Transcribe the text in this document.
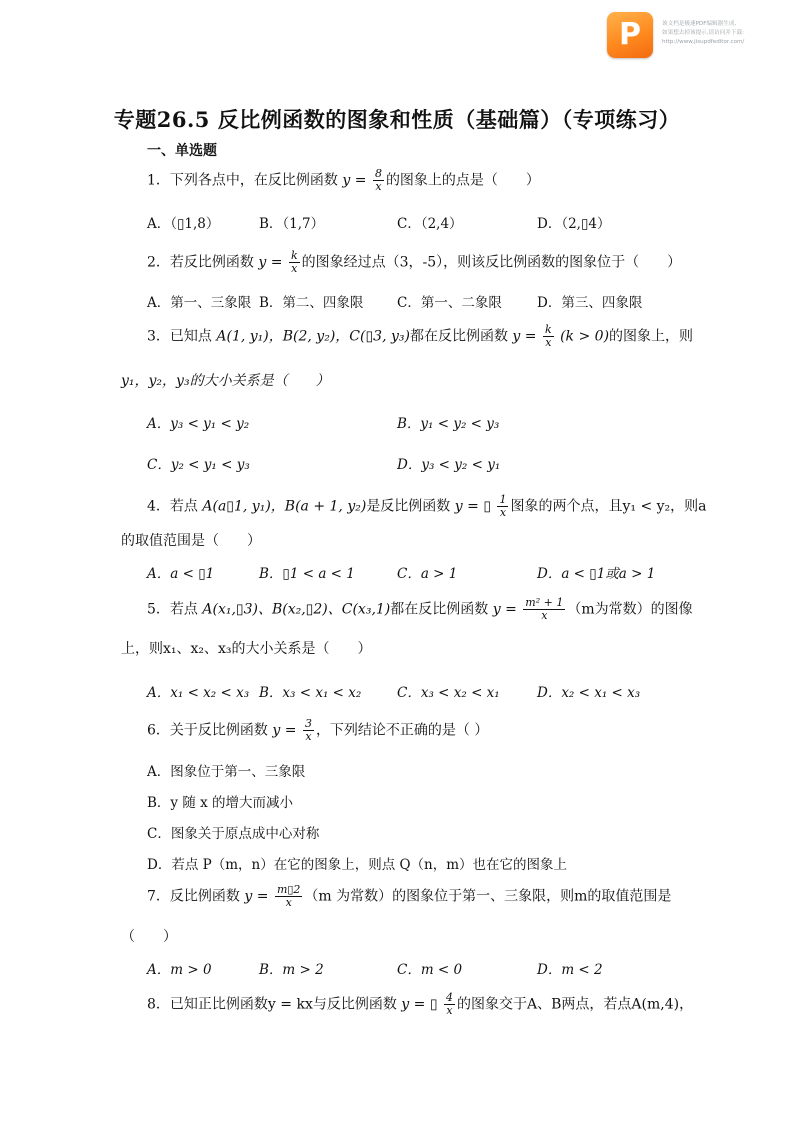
P	该文档是极速PDF编辑器生成,
如果想去掉该提示,请访问并下载:
http://www.jisupdfeditor.com/
专题26.5 反比例函数的图象和性质（基础篇）（专项练习）
一、单选题
1．下列各点中，在反比例函数 $y = \frac{8}{x}$ 的图象上的点是（　　）
A．（▯1,8）	B．（1,7）	C．（2,4）	D．（2,▯4）
2．若反比例函数 $y = \frac{k}{x}$ 的图象经过点（3，-5），则该反比例函数的图象位于（　　）
A．第一、三象限 B．第二、四象限 C．第一、二象限	D．第三、四象限
3．已知点 A(1, y₁)，B(2, y₂)，C(▯3, y₃)都在反比例函数 $y = \frac{k}{x} (k > 0)$的图象上，则
y₁，y₂，y₃的大小关系是（　　）
A．y₃ < y₁ < y₂	B．y₁ < y₂ < y₃
C．y₂ < y₁ < y₃	D．y₃ < y₂ < y₁
4．若点 A(a▯1, y₁)，B(a + 1, y₂)是反比例函数 y = ▯ $\frac{1}{x}$ 图象的两个点，且y₁ < y₂，则a
的取值范围是（　　）
A．a < ▯1	B．▯1 < a < 1	C．a > 1	D．a < ▯1或a > 1
5．若点 A(x₁,▯3)、B(x₂,▯2)、C(x₃,1)都在反比例函数 $y = \frac{\text{m² + 1}}{x} (m$为常数）的图像
上，则x₁、x₂、x₃的大小关系是（　　）
A．x₁ < x₂ < x₃ B．x₃ < x₁ < x₂	C．x₃ < x₂ < x₁	D．x₂ < x₁ < x₃
6．关于反比例函数 $y = \frac{3}{x}$ ，下列结论不正确的是（ ）
A．图象位于第一、三象限
B．y 随 x 的增大而减小
C．图象关于原点成中心对称
D．若点 P（m，n）在它的图象上，则点 Q（n，m）也在它的图象上
7．反比例函数 $y = \frac{m▯2}{x} (m$ 为常数）的图象位于第一、三象限，则m的取值范围是
（　　）
A．m > 0	B．m > 2	C．m < 0	D．m < 2
8．已知正比例函数y = kx与反比例函数 y = ▯ $\frac{4}{x}$ 的图象交于A、B两点，若点A(m,4)，
